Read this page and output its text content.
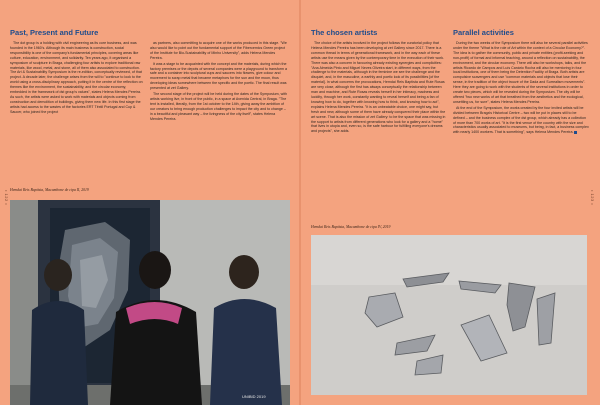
• 122 •
Past, Present and Future

The dot group is a holding with civil engineering as its core business, and was founded in the 1960's. Although its main business is construction, social responsibility is one of the company's fundamental principles, covering areas like culture, education, environment, and solidarity. Ten years ago, it organised a symposium of sculpture in Braga, challenging four artists to explore traditional raw materials, like wood, metal, and stone, all of them also associated to construction. The Art & Sustainability Symposium is the re-edition, conceptually reviewed, of that project. A decade later, the challenge arises from the will to "continue to look to the world using a cross-disciplinary approach, putting it in the centre of the reflection on themes like the environment, the sustainability, and the circular economy, embedded in the framework of dst group's values", states Helena Mendes Pereira. As such, the artists were asked to work with materials and objects coming from construction and demolition of buildings, giving them new life. In this first stage the artists had access to the wastes of the factories ERT Têxtil Portugal and Cup & Saucer, who joined the project

as partners, also committing to acquire one of the works produced in this stage. "We also would like to point out the fundamental support of the Fibercemics Green project of the Institute for Bio-Sustainability of Minho University", adds Helena Mendes Pereira.

It was a stage to be acquainted with the concept and the materials, during which the factory premises or the depots of several companies were a playground to transform a safe and a container into sculptural cups and saucers into flowers, give colour and movement to scrap metal that became metaphors for the sun and the moon, thus developing ideas somewhere between the specific and the poetic. The final result was presented at zet Gallery.

The second stage of the project will be held during the dates of the Symposium, with artists working live, in front of the public, in a space at Avenida Central, in Braga. "The tent is installed, literally, from the 1st october to the 14th, giving away the ambition of our creators to bring enough production challenges to impact the city and to change – in a beautiful and pleasant way – the livingness of the city itself", states Helena Mendes Pereira.

Hemdai Reis Baptista, Macambone de cipa II, 2019
UNIBID 2019
• 123 •
The chosen artists

The choice of the artists involved in the project follows the curatorial policy that Helena Mendes Pereira has been developing at zet Gallery since 2017. There is a common thread in terms of generational framework, and in the way each of these artists use the means given by the contemporary time in the execution of their work. There was also a concern in favouring already existing synergies and complicities: "Ana Almeida Pinto and Miguel Neves Oliveira start, in different ways, from the challenge to the materials, although in the feminine we see the challenge and the disquiet, and, in the masculine, a earthly and poetic look of its possibilities [of the material]. In what concerns the provocations, Hemdai Reis Baptista and Rute Rosas are very close, although the first has always conceptually the relationship between man and machine, and Rute Rosas reveals herself in her intimacy, madness and lucidity, through her work, constantly wanting to reveal herself and being a fan of knowing how to do, together with knowing how to think, and knowing how to act", explains Helena Mendes Pereira. "It is an unbeatable choice, one might say, but fresh and new, although some of them have already conquered their place within the art scene. That is also the mission of zet Gallery: to be the space that was missing in the support to artists from different generations who look for a gallery and a "home" that lives in utopia and, even so, is the safe harbour for fulfilling everyone's dreams and projects", she adds.

Parallel activities

During the two weeks of the Symposium there will also be several parallel activities under the theme "What is the role of Art within the context of a Circular Economy?". The idea is to gather the community, public and private entities (profit-seeking and non-profit) of formal and informal teaching, around a reflection on sustainability, the environment, and the circular economy. There will also be workshops, talks, and the artists Ricardo de Campos and Luís Canário Rocha will also be mentoring in four local institutions, one of them being the Detention Facility of Braga. Both artists are compulsive scavengers and use "common materials and objects that lose their sense, in the tradition of the object trouvé of the Dada and Surrealism movements". Here they are going to work with the students of the several institutions in order to create two pieces, which will be revealed during the Symposium. The city will be offered "two new works of art that breathed from the aesthetics and the ecological, unsettling us, for sure", states Helena Mendes Pereira.

At the end of the Symposium, the works created by the four invited artists will be divided between Braga's Historical Centre – two will be put in places still to be defined – and the business complex of the dst group, which already has a collection of more than 700 works of art. "It is the first venue of the country with the size and characteristics usually associated to museums, but being, in fact, a business complex with nearly 1400 workers. That is something", says Helena Mendes Pereira.

Hemdai Reis Baptista, Macambone de cipa IV, 2019
